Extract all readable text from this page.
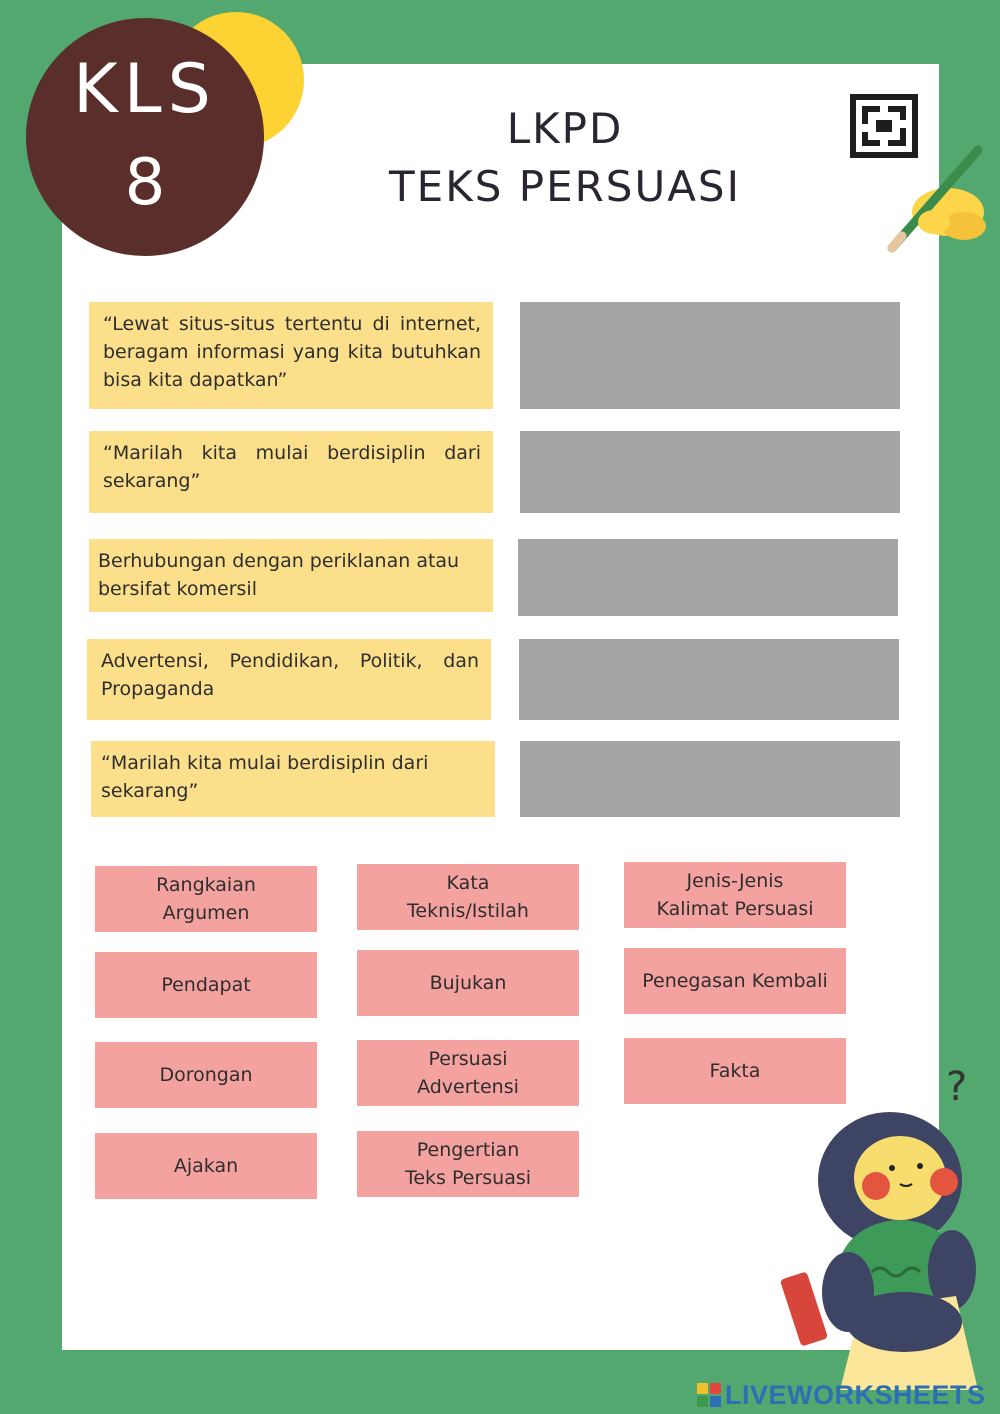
KLS
8
LKPD
TEKS PERSUASI
“Lewat situs-situs tertentu di internet, beragam informasi yang kita butuhkan bisa kita dapatkan”
“Marilah kita mulai berdisiplin dari sekarang”
Berhubungan dengan periklanan atau bersifat komersil
Advertensi, Pendidikan, Politik, dan Propaganda
“Marilah kita mulai berdisiplin dari sekarang”
Rangkaian
Argumen
Kata
Teknis/Istilah
Jenis-Jenis
Kalimat Persuasi
Pendapat	Bujukan	Penegasan Kembali
Dorongan
Persuasi
Advertensi
Fakta
Ajakan
Pengertian
Teks Persuasi
?
LIVEWORKSHEETS
